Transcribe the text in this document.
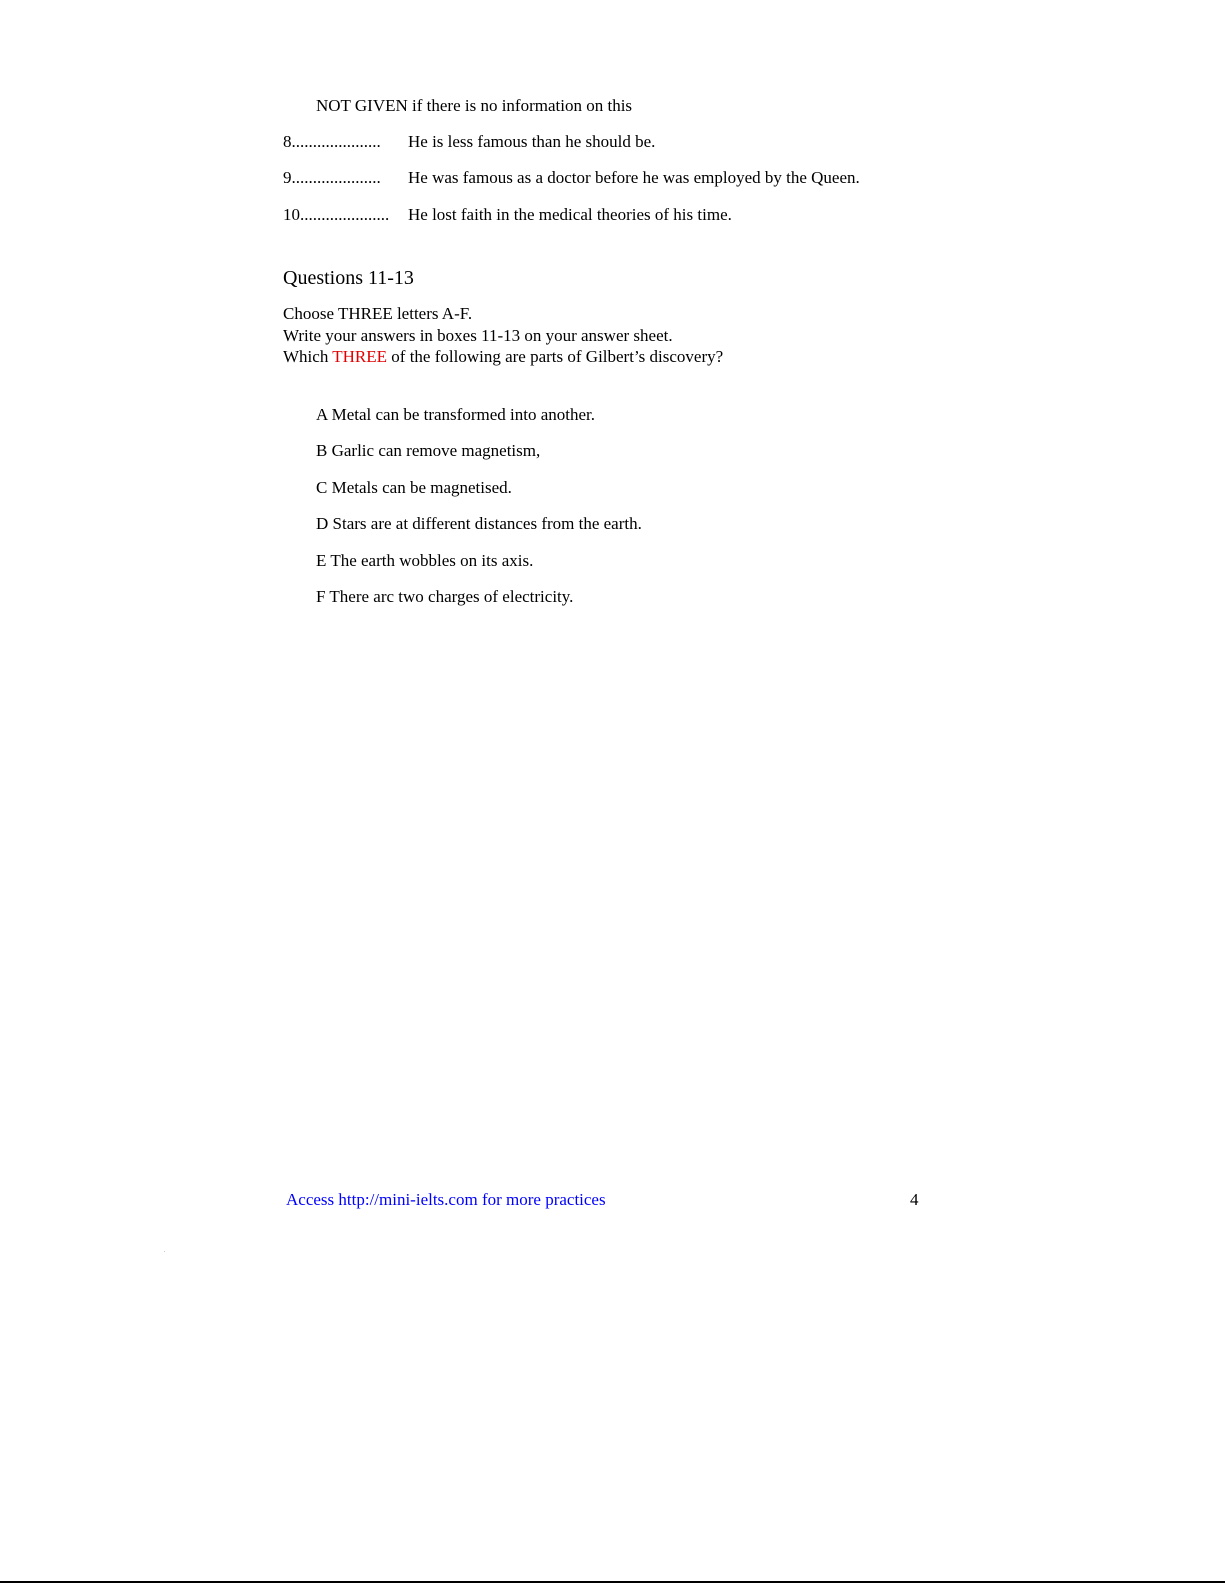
NOT GIVEN if there is no information on this
8..................... He is less famous than he should be.
9..................... He was famous as a doctor before he was employed by the Queen.
10..................... He lost faith in the medical theories of his time.
Questions 11-13
Choose THREE letters A-F.
Write your answers in boxes 11-13 on your answer sheet.
Which THREE of the following are parts of Gilbert’s discovery?
A Metal can be transformed into another.
B Garlic can remove magnetism,
C Metals can be magnetised.
D Stars are at different distances from the earth.
E The earth wobbles on its axis.
F There arc two charges of electricity.
Access http://mini-ielts.com for more practices	4
